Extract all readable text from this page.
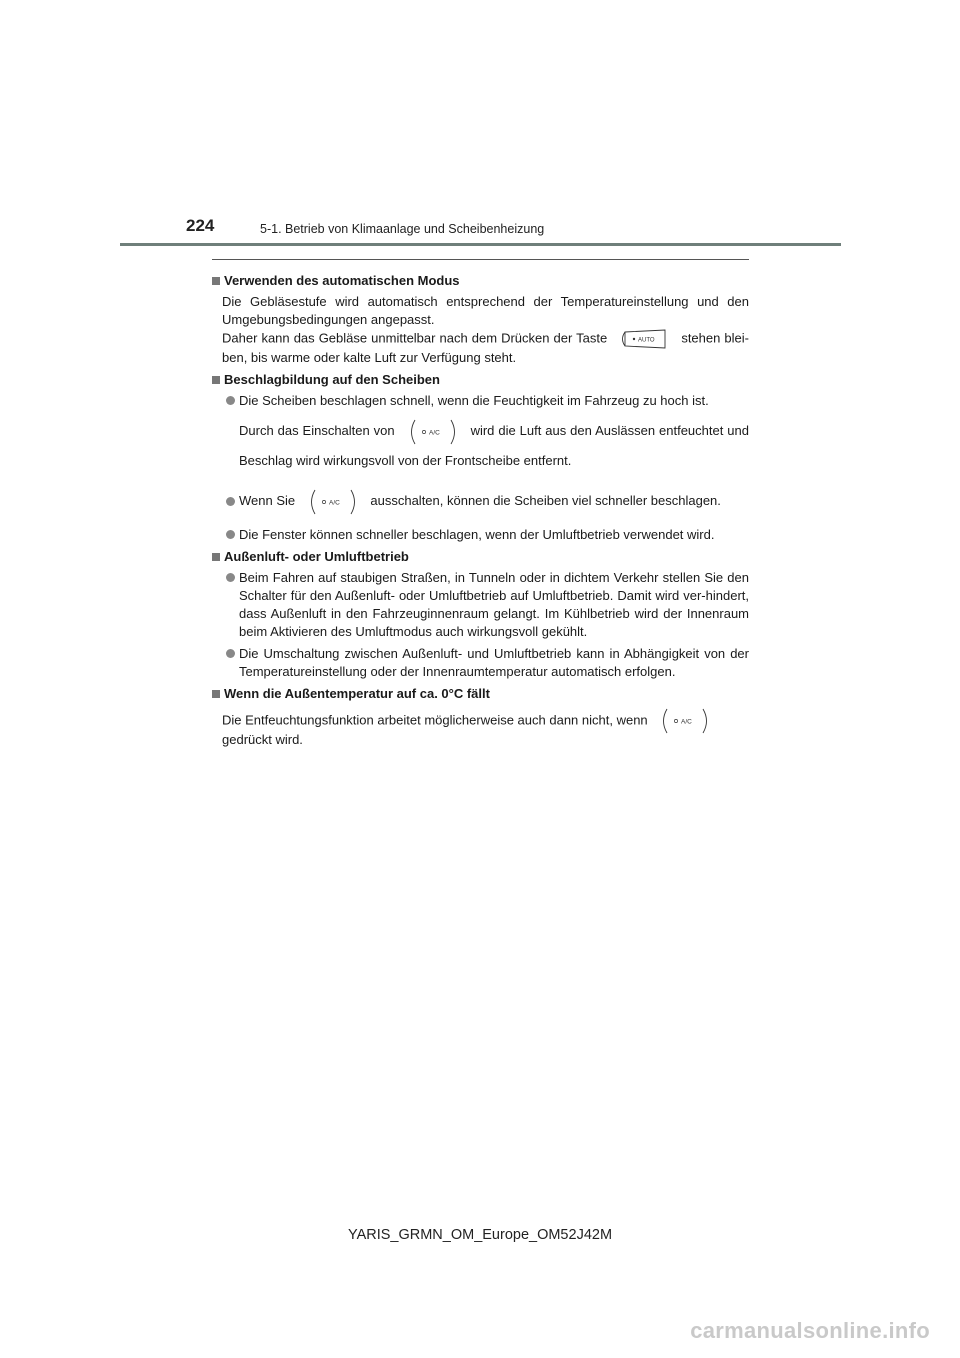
224	5-1. Betrieb von Klimaanlage und Scheibenheizung
Verwenden des automatischen Modus
Die Gebläsestufe wird automatisch entsprechend der Temperatureinstellung und den Umgebungsbedingungen angepasst.
Daher kann das Gebläse unmittelbar nach dem Drücken der Taste	AUTO stehen blei-ben, bis warme oder kalte Luft zur Verfügung steht.
Beschlagbildung auf den Scheiben
Die Scheiben beschlagen schnell, wenn die Feuchtigkeit im Fahrzeug zu hoch ist.
Durch das Einschalten von	A/C wird die Luft aus den Auslässen entfeuchtet und Beschlag wird wirkungsvoll von der Frontscheibe entfernt.
Wenn Sie	A/C ausschalten, können die Scheiben viel schneller beschlagen.
Die Fenster können schneller beschlagen, wenn der Umluftbetrieb verwendet wird.
Außenluft- oder Umluftbetrieb
Beim Fahren auf staubigen Straßen, in Tunneln oder in dichtem Verkehr stellen Sie den Schalter für den Außenluft- oder Umluftbetrieb auf Umluftbetrieb. Damit wird ver-hindert, dass Außenluft in den Fahrzeuginnenraum gelangt. Im Kühlbetrieb wird der Innenraum beim Aktivieren des Umluftmodus auch wirkungsvoll gekühlt.
Die Umschaltung zwischen Außenluft- und Umluftbetrieb kann in Abhängigkeit von der Temperatureinstellung oder der Innenraumtemperatur automatisch erfolgen.
Wenn die Außentemperatur auf ca. 0°C fällt
Die Entfeuchtungsfunktion arbeitet möglicherweise auch dann nicht, wenn	A/C

gedrückt wird.
YARIS_GRMN_OM_Europe_OM52J42M
carmanualsonline.info
